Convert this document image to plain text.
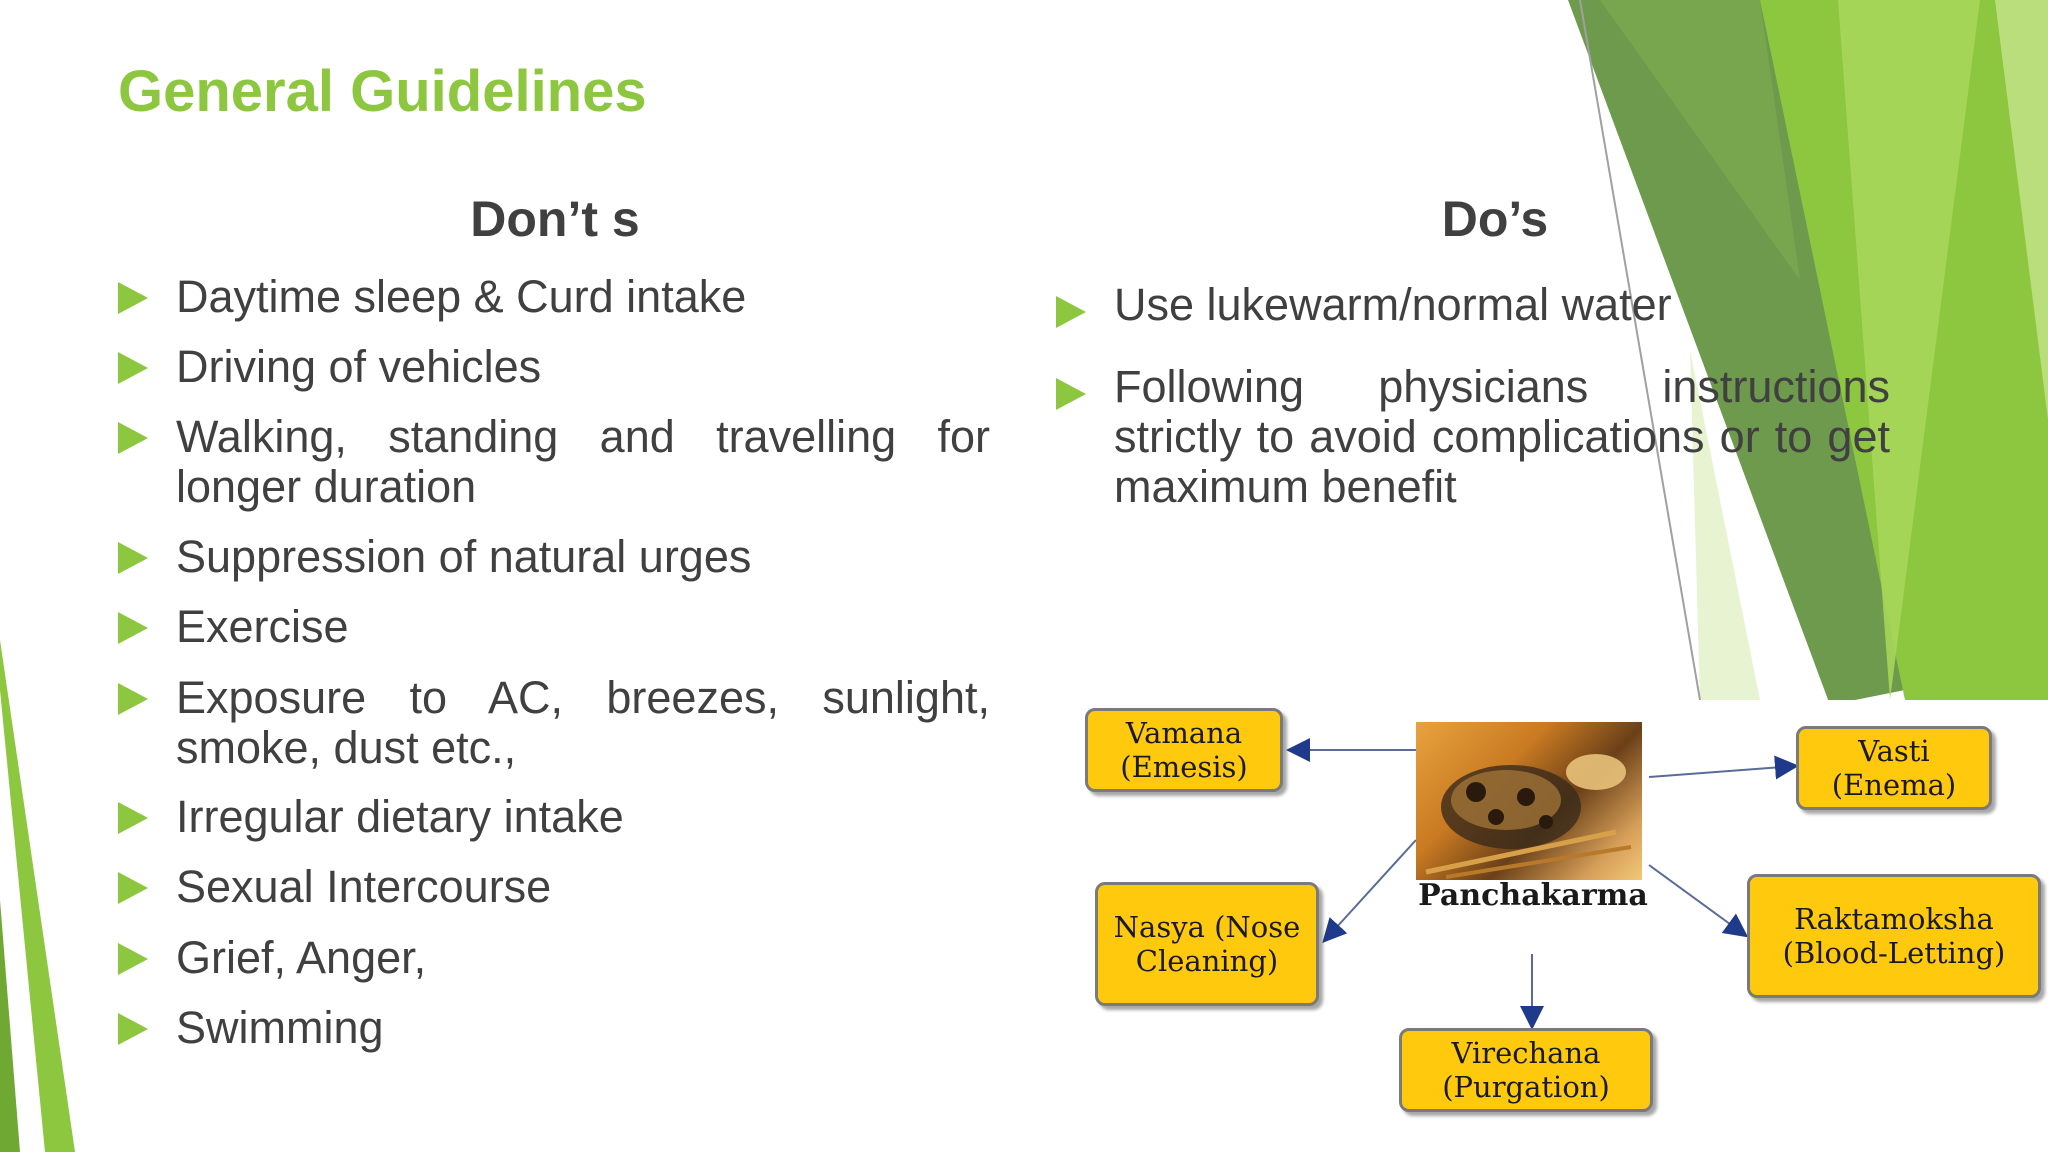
General Guidelines
Don’t s	Do’s
Daytime sleep & Curd intake
Driving of vehicles
Walking, standing and travelling for longer duration
Suppression of natural urges
Exercise
Exposure to AC, breezes, sunlight, smoke, dust etc.,
Irregular dietary intake
Sexual Intercourse
Grief, Anger,
Swimming
Use lukewarm/normal water
Following physicians instructions strictly to avoid complications or to get maximum benefit
Panchakarma
Vamana (Emesis)	Vasti (Enema)
Nasya (Nose Cleaning)
Raktamoksha (Blood-Letting)
Virechana (Purgation)
